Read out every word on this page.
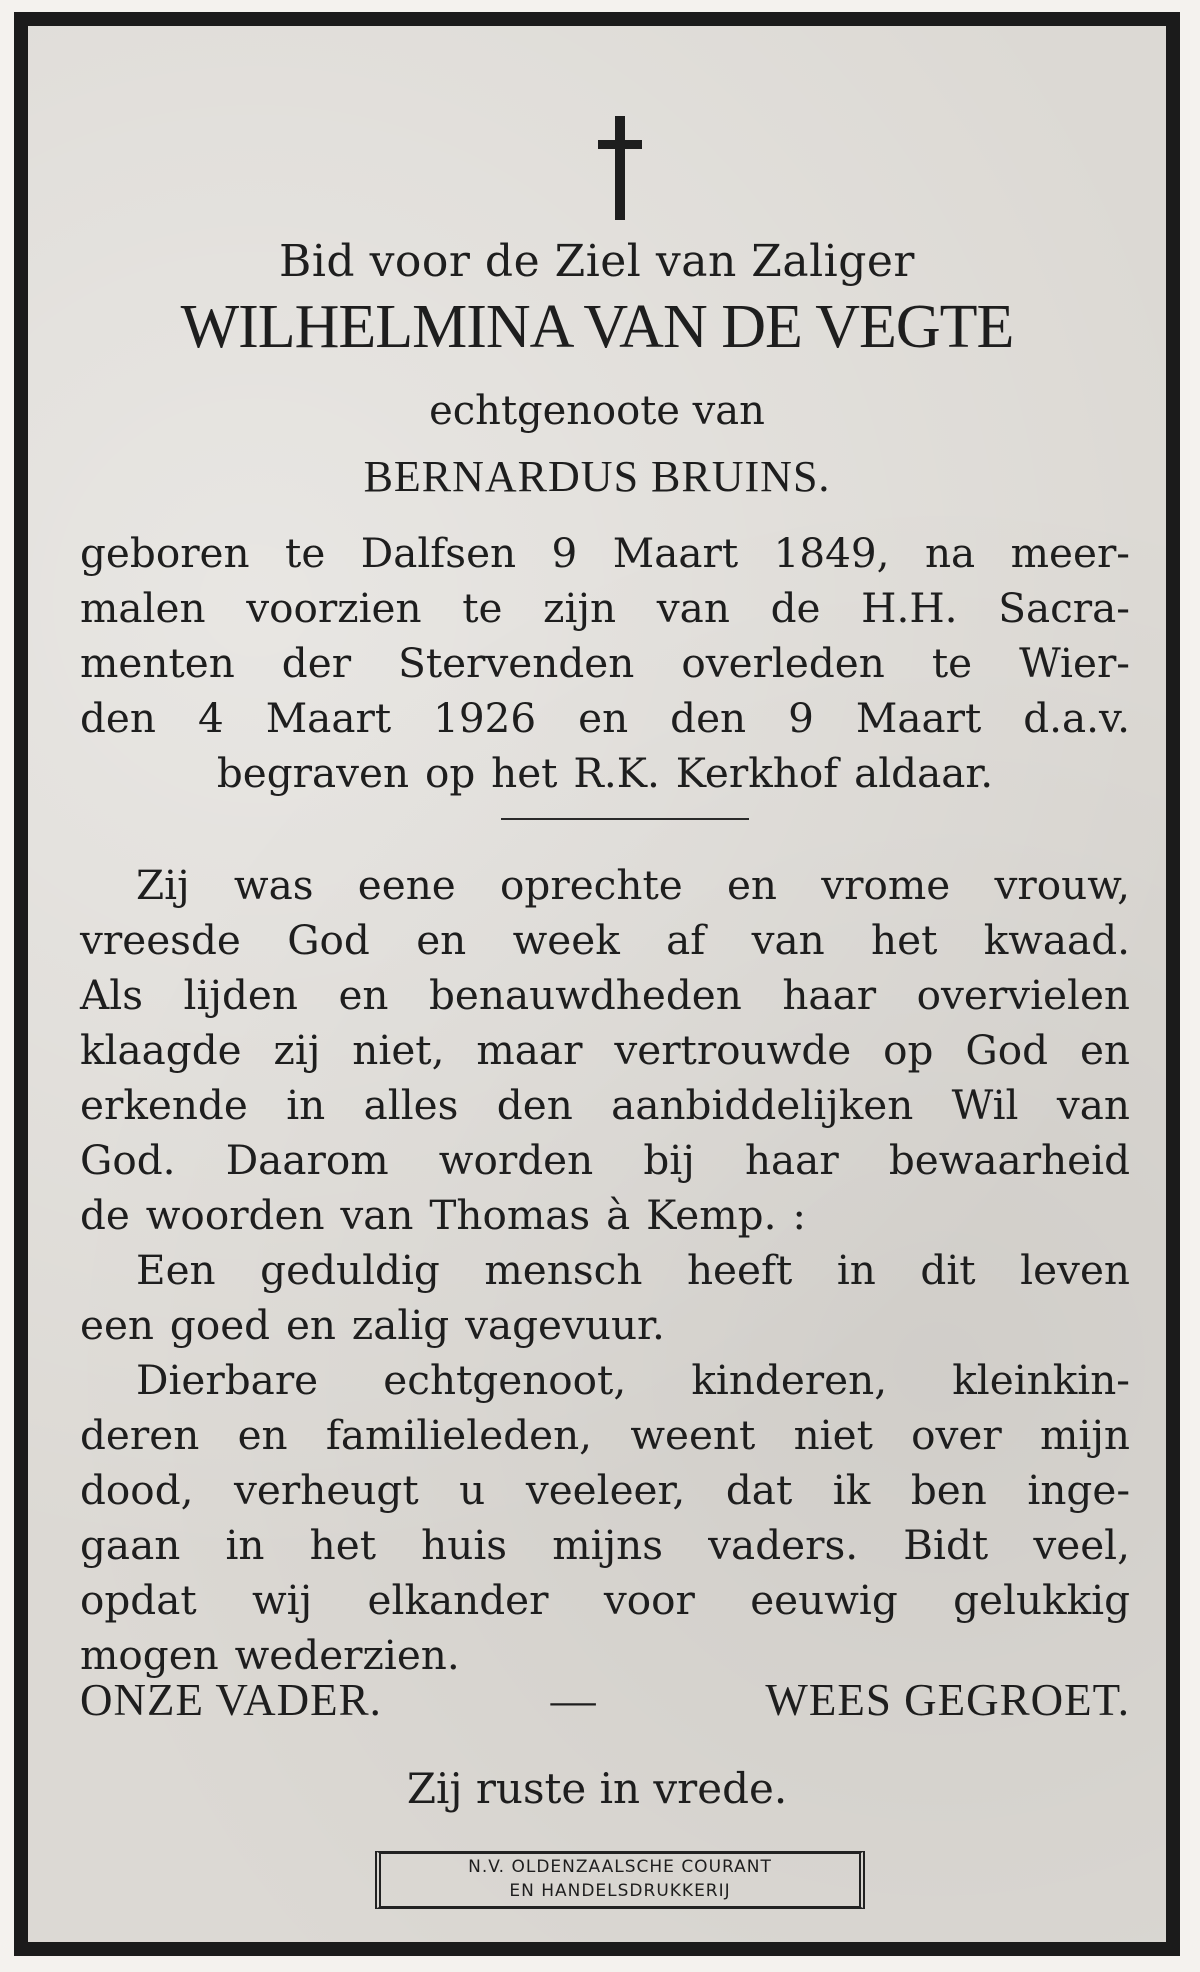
Bid voor de Ziel van Zaliger
WILHELMINA VAN DE VEGTE
echtgenoote van
BERNARDUS BRUINS.
geboren te Dalfsen 9 Maart 1849, na meer-
malen voorzien te zijn van de H.H. Sacra-
menten der Stervenden overleden te Wier-
den 4 Maart 1926 en den 9 Maart d.a.v.
begraven op het R.K. Kerkhof aldaar.
Zij was eene oprechte en vrome vrouw,
vreesde God en week af van het kwaad.
Als lijden en benauwdheden haar overvielen
klaagde zij niet, maar vertrouwde op God en
erkende in alles den aanbiddelijken Wil van
God. Daarom worden bij haar bewaarheid
de woorden van Thomas à Kemp. :
Een geduldig mensch heeft in dit leven
een goed en zalig vagevuur.
Dierbare echtgenoot, kinderen, kleinkin-
deren en familieleden, weent niet over mijn
dood, verheugt u veeleer, dat ik ben inge-
gaan in het huis mijns vaders. Bidt veel,
opdat wij elkander voor eeuwig gelukkig
mogen wederzien.
ONZE VADER.	—	WEES GEGROET.
Zij ruste in vrede.
N.V. OLDENZAALSCHE COURANT
EN HANDELSDRUKKERIJ
